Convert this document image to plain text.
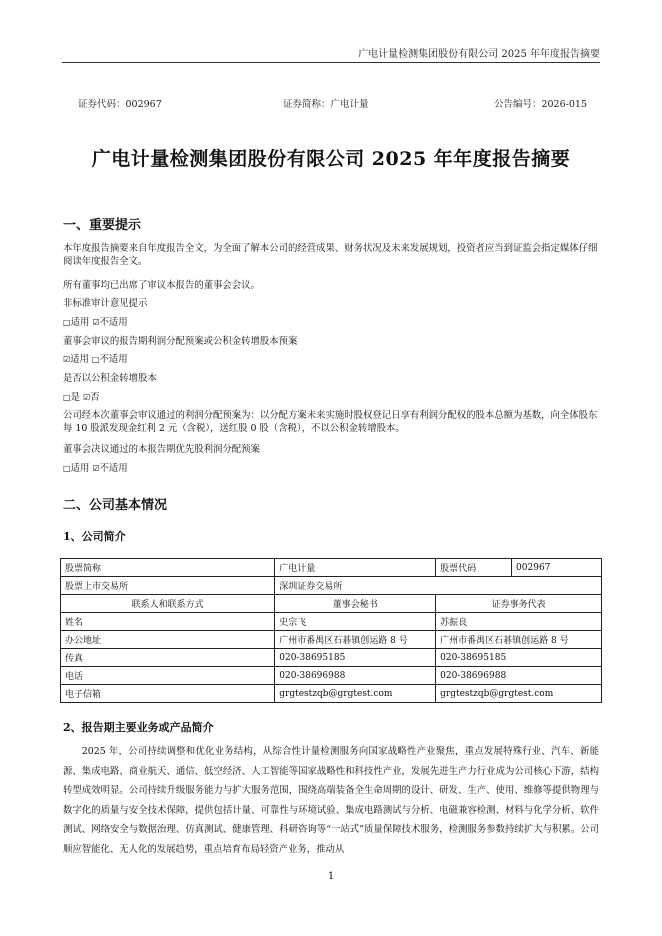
广电计量检测集团股份有限公司 2025 年年度报告摘要
证券代码：002967	证券简称：广电计量	公告编号：2026-015
广电计量检测集团股份有限公司 2025 年年度报告摘要
一、重要提示
本年度报告摘要来自年度报告全文，为全面了解本公司的经营成果、财务状况及未来发展规划，投资者应当到证监会指定媒体仔细阅读年度报告全文。
所有董事均已出席了审议本报告的董事会会议。
非标准审计意见提示
□适用 ☑不适用
董事会审议的报告期利润分配预案或公积金转增股本预案
☑适用 □不适用
是否以公积金转增股本
□是 ☑否
公司经本次董事会审议通过的利润分配预案为：以分配方案未来实施时股权登记日享有利润分配权的股本总额为基数，向全体股东每 10 股派发现金红利 2 元（含税），送红股 0 股（含税），不以公积金转增股本。
董事会决议通过的本报告期优先股利润分配预案
□适用 ☑不适用
二、公司基本情况
1、公司简介
股票简称	广电计量	股票代码	002967
股票上市交易所	深圳证券交易所		
联系人和联系方式	董事会秘书	证券事务代表	
姓名	史宗飞	苏振良	
办公地址	广州市番禺区石碁镇创运路 8 号	广州市番禺区石碁镇创运路 8 号	
传真	020-38695185	020-38695185	
电话	020-38696988	020-38696988	
电子信箱	grgtestzqb@grgtest.com	grgtestzqb@grgtest.com	
2、报告期主要业务或产品简介
2025 年，公司持续调整和优化业务结构，从综合性计量检测服务向国家战略性产业聚焦，重点发展特殊行业、汽车、新能源、集成电路、商业航天、通信、低空经济、人工智能等国家战略性和科技性产业，发展先进生产力行业成为公司核心下游，结构转型成效明显。公司持续升级服务能力与扩大服务范围，围绕高端装备全生命周期的设计、研发、生产、使用、维修等提供物理与数字化的质量与安全技术保障，提供包括计量、可靠性与环境试验、集成电路测试与分析、电磁兼容检测、材料与化学分析、软件测试、网络安全与数据治理、仿真测试、健康管理、科研咨询等“一站式”质量保障技术服务，检测服务参数持续扩大与积累。公司顺应智能化、无人化的发展趋势，重点培育布局轻资产业务，推动从
1
